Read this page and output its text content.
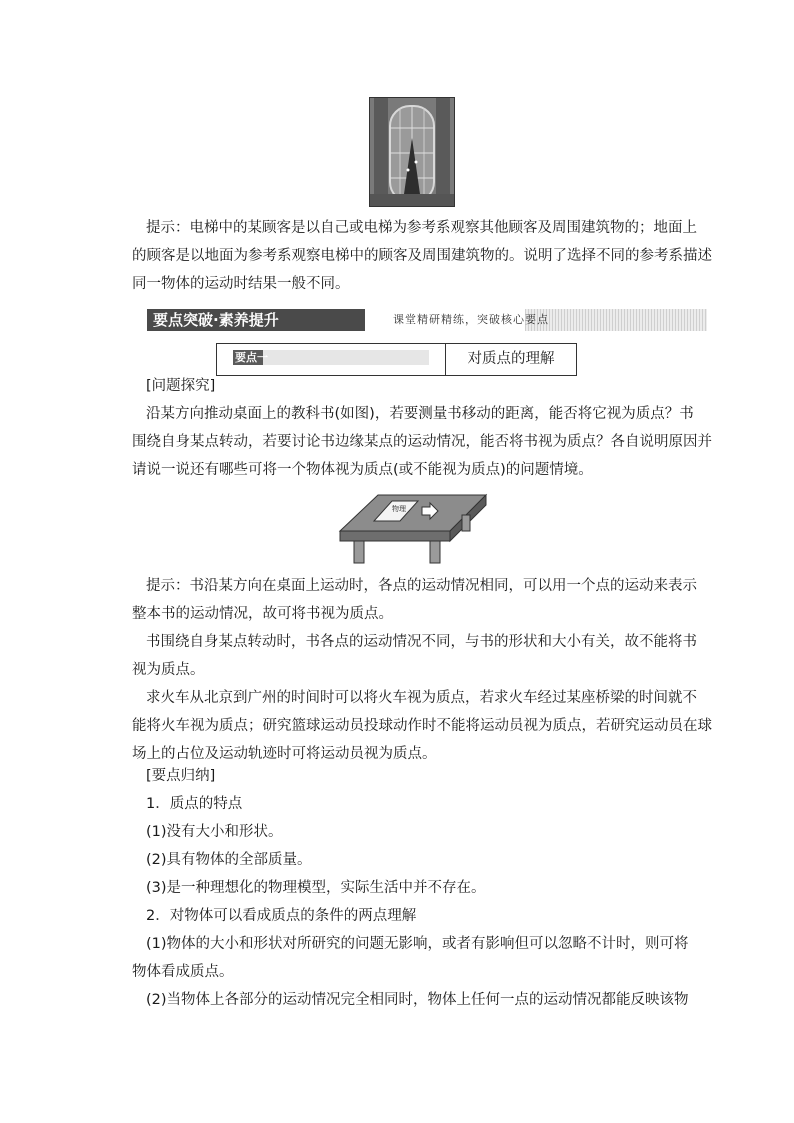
提示：电梯中的某顾客是以自己或电梯为参考系观察其他顾客及周围建筑物的；地面上
的顾客是以地面为参考系观察电梯中的顾客及周围建筑物的。说明了选择不同的参考系描述
同一物体的运动时结果一般不同。
要点突破·素养提升	课堂精研精练，突破核心要点
要点一	对质点的理解
[问题探究]
沿某方向推动桌面上的教科书(如图)，若要测量书移动的距离，能否将它视为质点？书
围绕自身某点转动，若要讨论书边缘某点的运动情况，能否将书视为质点？各自说明原因并
请说一说还有哪些可将一个物体视为质点(或不能视为质点)的问题情境。
物理
提示：书沿某方向在桌面上运动时，各点的运动情况相同，可以用一个点的运动来表示
整本书的运动情况，故可将书视为质点。
书围绕自身某点转动时，书各点的运动情况不同，与书的形状和大小有关，故不能将书
视为质点。
求火车从北京到广州的时间时可以将火车视为质点，若求火车经过某座桥梁的时间就不
能将火车视为质点；研究篮球运动员投球动作时不能将运动员视为质点，若研究运动员在球
场上的占位及运动轨迹时可将运动员视为质点。
[要点归纳]
1．质点的特点
(1)没有大小和形状。
(2)具有物体的全部质量。
(3)是一种理想化的物理模型，实际生活中并不存在。
2．对物体可以看成质点的条件的两点理解
(1)物体的大小和形状对所研究的问题无影响，或者有影响但可以忽略不计时，则可将
物体看成质点。
(2)当物体上各部分的运动情况完全相同时，物体上任何一点的运动情况都能反映该物
